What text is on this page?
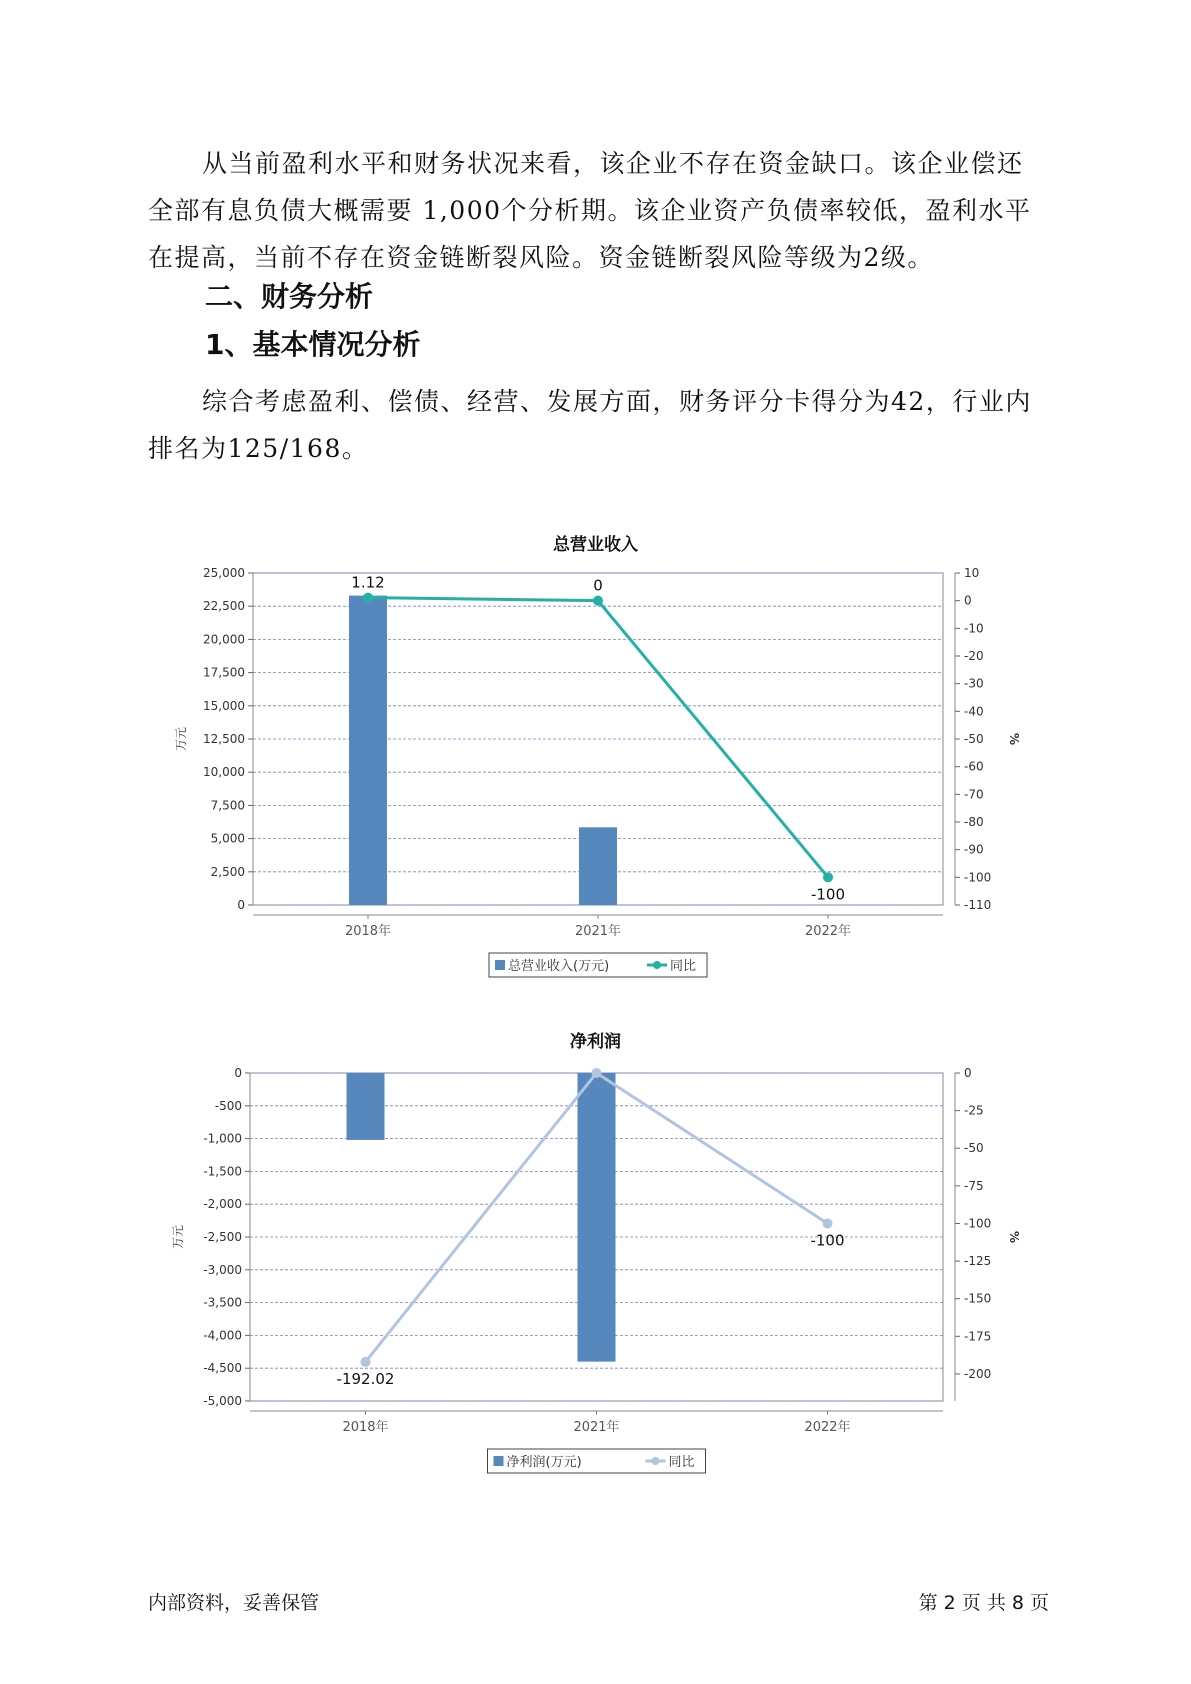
从当前盈利水平和财务状况来看，该企业不存在资金缺口。该企业偿还全部有息负债大概需要 1,000个分析期。该企业资产负债率较低，盈利水平在提高，当前不存在资金链断裂风险。资金链断裂风险等级为2级。

二、财务分析
1、基本情况分析

综合考虑盈利、偿债、经营、发展方面，财务评分卡得分为42，行业内排名为125/168。

总营业收入
25,000
22,500
20,000
17,500
15,000
12,500
10,000
7,500
5,000
2,500
0
10
0
-10
-20
-30
-40
-50
-60
-70
-80
-90
-100
-110
万元	%
2018年	2021年	2022年
1.12	0
-100
总营业收入(万元)	同比
净利润
0
-500
-1,000
-1,500
-2,000
-2,500
-3,000
-3,500
-4,000
-4,500
-5,000
0
-25
-50
-75
-100
-125
-150
-175
-200
万元	%
2018年	2021年	2022年
-192.02
-100
净利润(万元)	同比
内部资料，妥善保管	第 2 页 共 8 页
